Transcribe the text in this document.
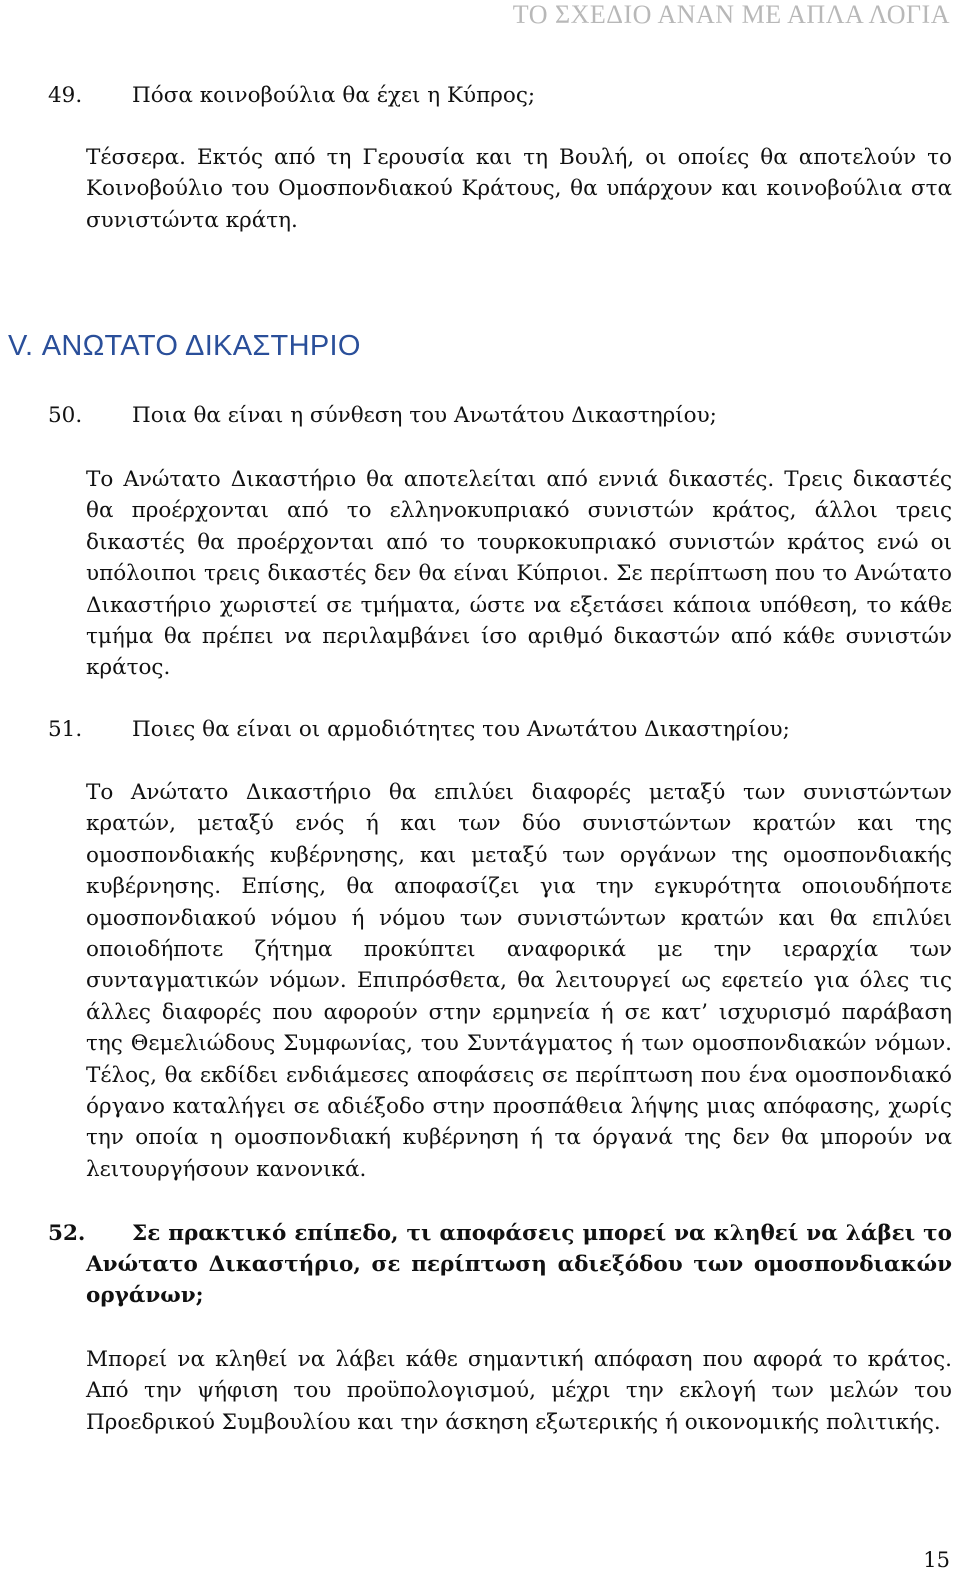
ΤΟ ΣΧΕΔΙΟ ΑΝΑΝ ΜΕ ΑΠΛΑ ΛΟΓΙΑ
49.	Πόσα κοινοβούλια θα έχει η Κύπρος;

Τέσσερα. Εκτός από τη Γερουσία και τη Βουλή, οι οποίες θα αποτελούν το Κοινοβούλιο του Ομοσπονδιακού Κράτους, θα υπάρχουν και κοινοβούλια στα συνιστώντα κράτη.

V. ΑΝΩΤΑΤΟ ΔΙΚΑΣΤΗΡΙΟ
50.	Ποια θα είναι η σύνθεση του Ανωτάτου Δικαστηρίου;

Το Ανώτατο Δικαστήριο θα αποτελείται από εννιά δικαστές. Τρεις δικαστές θα προέρχονται από το ελληνοκυπριακό συνιστών κράτος, άλλοι τρεις δικαστές θα προέρχονται από το τουρκοκυπριακό συνιστών κράτος ενώ οι υπόλοιποι τρεις δικαστές δεν θα είναι Κύπριοι. Σε περίπτωση που το Ανώτατο Δικαστήριο χωριστεί σε τμήματα, ώστε να εξετάσει κάποια υπόθεση, το κάθε τμήμα θα πρέπει να περιλαμβάνει ίσο αριθμό δικαστών από κάθε συνιστών κράτος.

51.	Ποιες θα είναι οι αρμοδιότητες του Ανωτάτου Δικαστηρίου;

Το Ανώτατο Δικαστήριο θα επιλύει διαφορές μεταξύ των συνιστώντων κρατών, μεταξύ ενός ή και των δύο συνιστώντων κρατών και της ομοσπονδιακής κυβέρνησης, και μεταξύ των οργάνων της ομοσπονδιακής κυβέρνησης. Επίσης, θα αποφασίζει για την εγκυρότητα οποιουδήποτε ομοσπονδιακού νόμου ή νόμου των συνιστώντων κρατών και θα επιλύει οποιοδήποτε ζήτημα προκύπτει αναφορικά με την ιεραρχία των συνταγματικών νόμων. Επιπρόσθετα, θα λειτουργεί ως εφετείο για όλες τις άλλες διαφορές που αφορούν στην ερμηνεία ή σε κατ’ ισχυρισμό παράβαση της Θεμελιώδους Συμφωνίας, του Συντάγματος ή των ομοσπονδιακών νόμων. Τέλος, θα εκδίδει ενδιάμεσες αποφάσεις σε περίπτωση που ένα ομοσπονδιακό όργανο καταλήγει σε αδιέξοδο στην προσπάθεια λήψης μιας απόφασης, χωρίς την οποία η ομοσπονδιακή κυβέρνηση ή τα όργανά της δεν θα μπορούν να λειτουργήσουν κανονικά.

52.	Σε πρακτικό επίπεδο, τι αποφάσεις μπορεί να κληθεί να λάβει το Ανώτατο Δικαστήριο, σε περίπτωση αδιεξόδου των ομοσπονδιακών οργάνων;

Μπορεί να κληθεί να λάβει κάθε σημαντική απόφαση που αφορά το κράτος. Από την ψήφιση του προϋπολογισμού, μέχρι την εκλογή των μελών του Προεδρικού Συμβουλίου και την άσκηση εξωτερικής ή οικονομικής πολιτικής.

15
